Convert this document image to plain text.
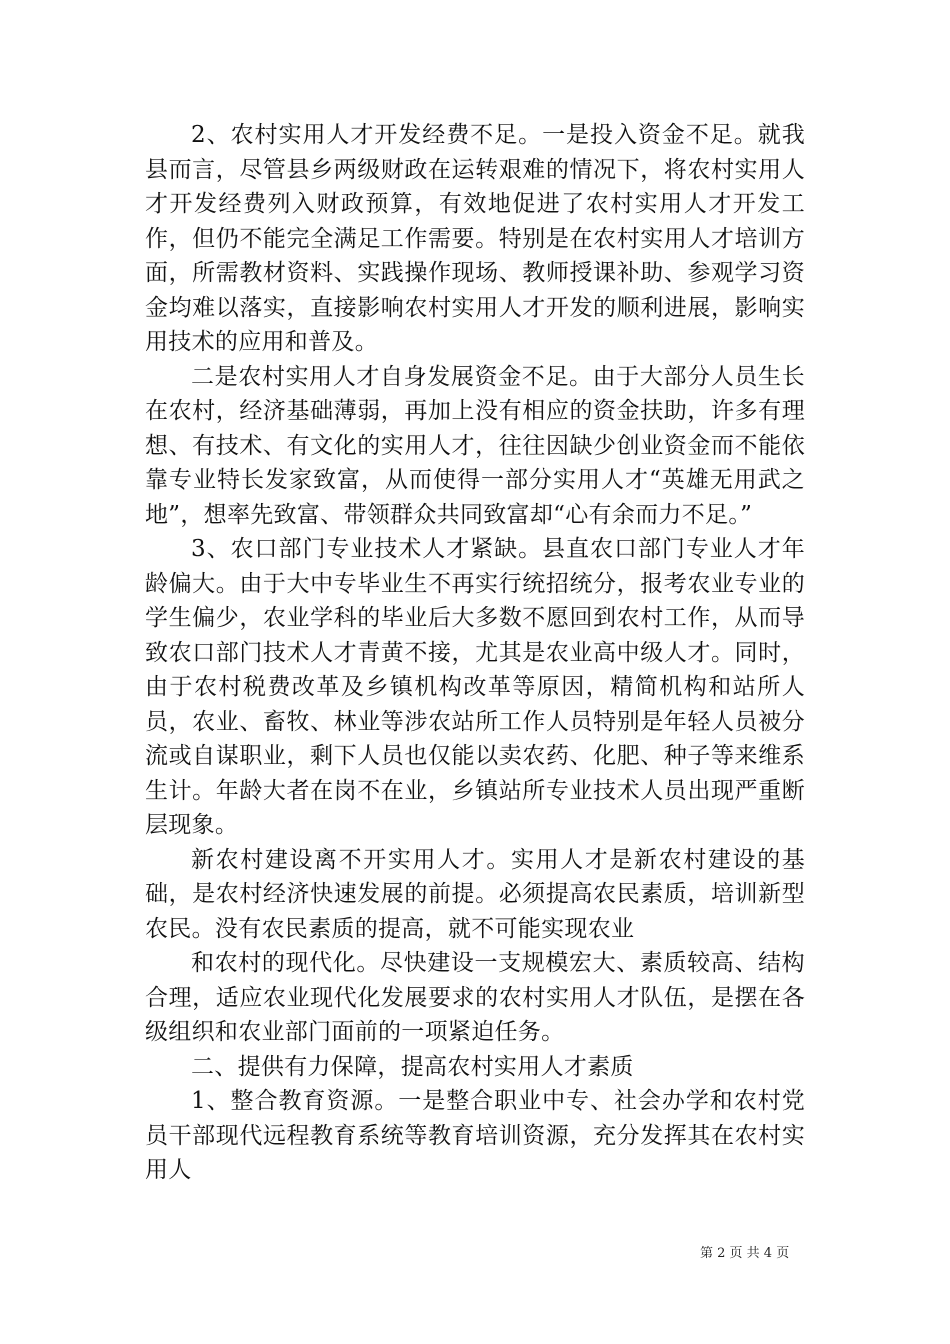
2、农村实用人才开发经费不足。一是投入资金不足。就我县而言，尽管县乡两级财政在运转艰难的情况下，将农村实用人才开发经费列入财政预算，有效地促进了农村实用人才开发工作，但仍不能完全满足工作需要。特别是在农村实用人才培训方面，所需教材资料、实践操作现场、教师授课补助、参观学习资金均难以落实，直接影响农村实用人才开发的顺利进展，影响实用技术的应用和普及。

二是农村实用人才自身发展资金不足。由于大部分人员生长在农村，经济基础薄弱，再加上没有相应的资金扶助，许多有理想、有技术、有文化的实用人才，往往因缺少创业资金而不能依靠专业特长发家致富，从而使得一部分实用人才“英雄无用武之地”，想率先致富、带领群众共同致富却“心有余而力不足。”

3、农口部门专业技术人才紧缺。县直农口部门专业人才年龄偏大。由于大中专毕业生不再实行统招统分，报考农业专业的学生偏少，农业学科的毕业后大多数不愿回到农村工作，从而导致农口部门技术人才青黄不接，尤其是农业高中级人才。同时，由于农村税费改革及乡镇机构改革等原因，精简机构和站所人员，农业、畜牧、林业等涉农站所工作人员特别是年轻人员被分流或自谋职业，剩下人员也仅能以卖农药、化肥、种子等来维系生计。年龄大者在岗不在业，乡镇站所专业技术人员出现严重断层现象。

新农村建设离不开实用人才。实用人才是新农村建设的基础，是农村经济快速发展的前提。必须提高农民素质，培训新型农民。没有农民素质的提高，就不可能实现农业

和农村的现代化。尽快建设一支规模宏大、素质较高、结构合理，适应农业现代化发展要求的农村实用人才队伍，是摆在各级组织和农业部门面前的一项紧迫任务。

二、提供有力保障，提高农村实用人才素质

1、整合教育资源。一是整合职业中专、社会办学和农村党员干部现代远程教育系统等教育培训资源，充分发挥其在农村实用人

第 2 页 共 4 页
